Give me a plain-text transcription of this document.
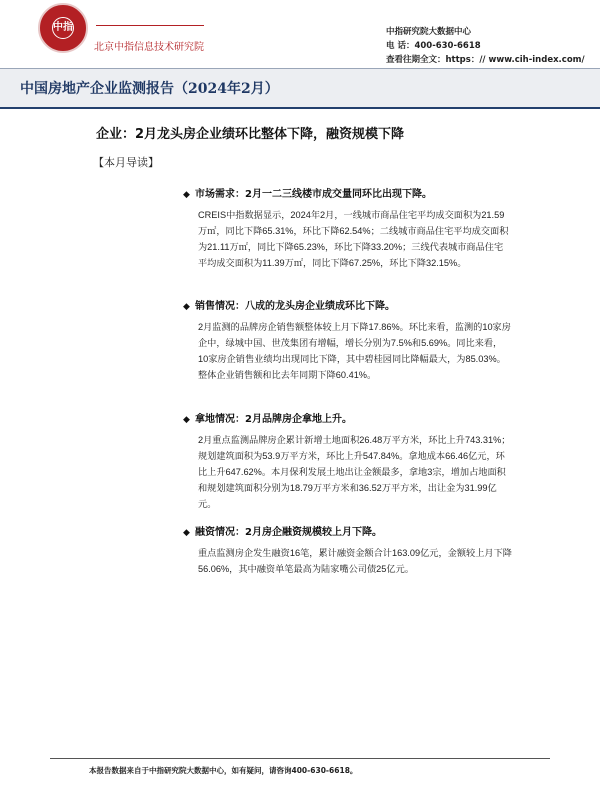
中指
北京中指信息技术研究院
中指研究院大数据中心
电 话：400-630-6618
查看往期全文：https：// www.cih-index.com/
中国房地产企业监测报告（2024年2月）
企业：2月龙头房企业绩环比整体下降，融资规模下降
【本月导读】
◆ 市场需求：2月一二三线楼市成交量同环比出现下降。
CREIS中指数据显示，2024年2月，一线城市商品住宅平均成交面积为21.59万㎡，同比下降65.31%，环比下降62.54%；二线城市商品住宅平均成交面积为21.11万㎡，同比下降65.23%，环比下降33.20%；三线代表城市商品住宅平均成交面积为11.39万㎡，同比下降67.25%，环比下降32.15%。
◆ 销售情况：八成的龙头房企业绩成环比下降。
2月监测的品牌房企销售额整体较上月下降17.86%。环比来看，监测的10家房企中，绿城中国、世茂集团有增幅，增长分别为7.5%和5.69%。同比来看，10家房企销售业绩均出现同比下降，其中碧桂园同比降幅最大，为85.03%。整体企业销售额和比去年同期下降60.41%。
◆ 拿地情况：2月品牌房企拿地上升。
2月重点监测品牌房企累计新增土地面积26.48万平方米，环比上升743.31%；规划建筑面积为53.9万平方米，环比上升547.84%。拿地成本66.46亿元，环比上升647.62%。本月保利发展土地出让金额最多，拿地3宗，增加占地面积和规划建筑面积分别为18.79万平方米和36.52万平方米，出让金为31.99亿元。
◆ 融资情况：2月房企融资规模较上月下降。
重点监测房企发生融资16笔，累计融资金额合计163.09亿元，金额较上月下降56.06%，其中融资单笔最高为陆家嘴公司债25亿元。
本报告数据来自于中指研究院大数据中心，如有疑问，请咨询400-630-6618。
